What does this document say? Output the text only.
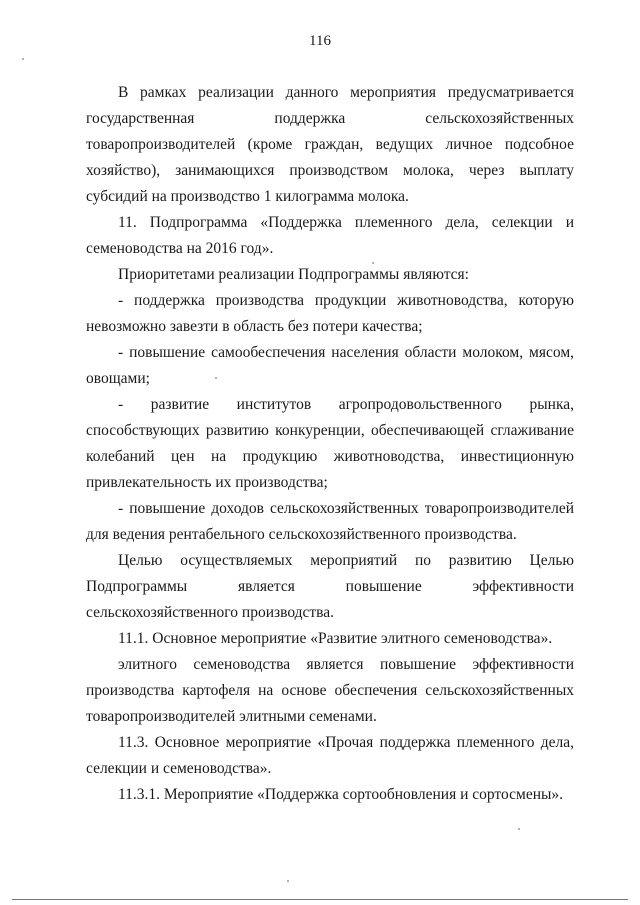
116

В рамках реализации данного мероприятия предусматривается государственная поддержка сельскохозяйственных товаропроизводителей (кроме граждан, ведущих личное подсобное хозяйство), занимающихся производством молока, через выплату субсидий на производство 1 килограмма молока.

11. Подпрограмма «Поддержка племенного дела, селекции и семеноводства на 2016 год».

Приоритетами реализации Подпрограммы являются:

- поддержка производства продукции животноводства, которую невозможно завезти в область без потери качества;

- повышение самообеспечения населения области молоком, мясом, овощами;

- развитие институтов агропродовольственного рынка, способствующих развитию конкуренции, обеспечивающей сглаживание колебаний цен на продукцию животноводства, инвестиционную привлекательность их производства;

- повышение доходов сельскохозяйственных товаропроизводителей для ведения рентабельного сельскохозяйственного производства.

Целью осуществляемых мероприятий по развитию Целью Подпрограммы является повышение эффективности сельскохозяйственного производства.

11.1. Основное мероприятие «Развитие элитного семеноводства».

элитного семеноводства является повышение эффективности производства картофеля на основе обеспечения сельскохозяйственных товаропроизводителей элитными семенами.

11.3. Основное мероприятие «Прочая поддержка племенного дела, селекции и семеноводства».

11.3.1. Мероприятие «Поддержка сортообновления и сортосмены».
